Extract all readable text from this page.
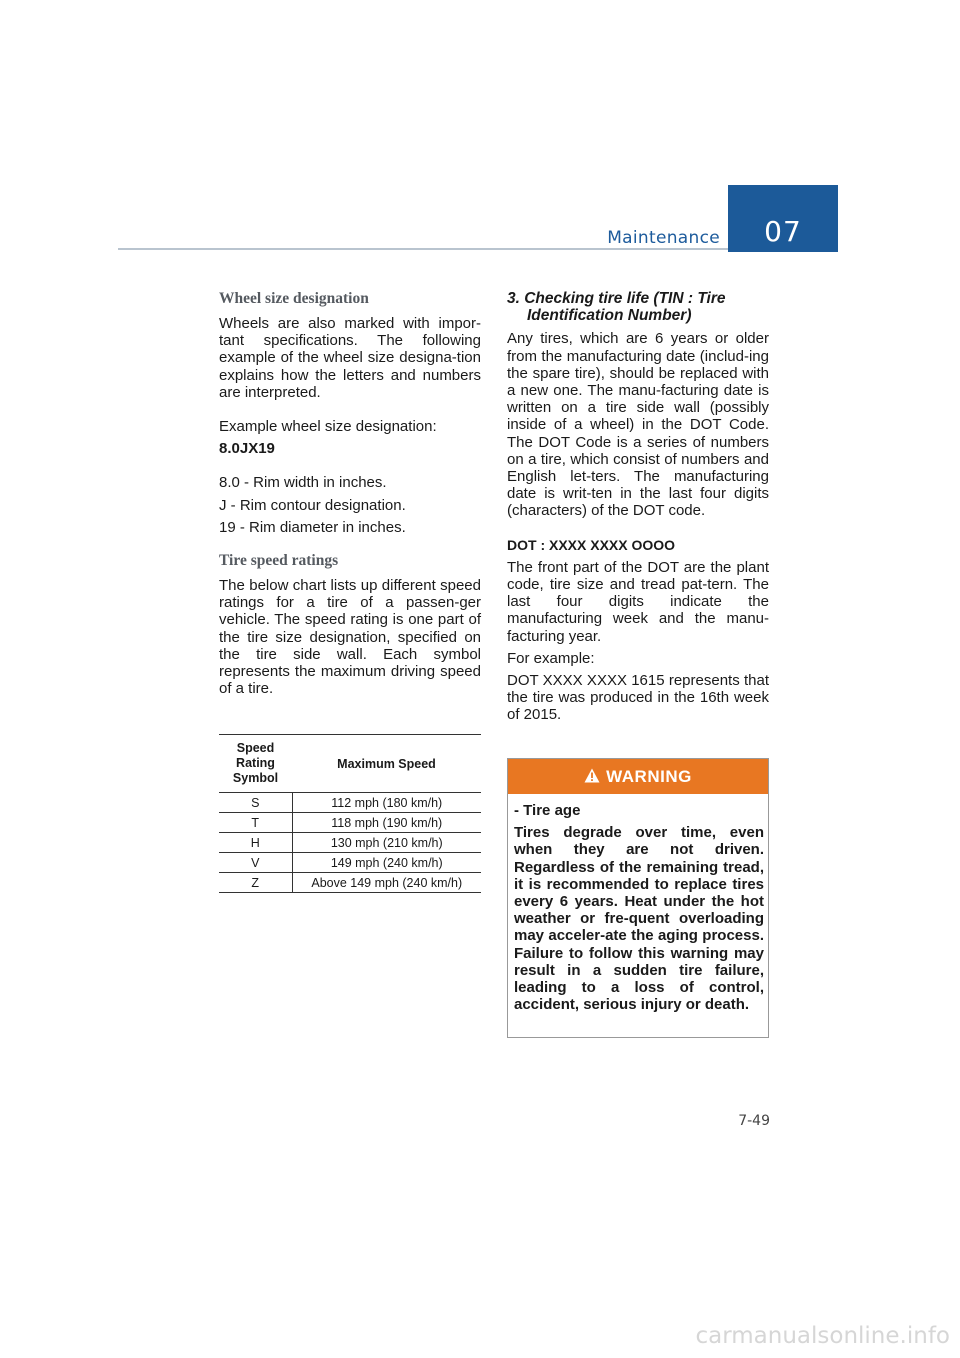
Maintenance	07

Wheel size designation

Wheels are also marked with impor-tant specifications. The following example of the wheel size designa-tion explains how the letters and numbers are interpreted.

Example wheel size designation:

8.0JX19

8.0 - Rim width in inches.

J - Rim contour designation.

19 - Rim diameter in inches.

Tire speed ratings

The below chart lists up different speed ratings for a tire of a passen-ger vehicle. The speed rating is one part of the tire size designation, specified on the tire side wall. Each symbol represents the maximum driving speed of a tire.

Speed Rating Symbol	Maximum Speed
S	112 mph (180 km/h)
T	118 mph (190 km/h)
H	130 mph (210 km/h)
V	149 mph (240 km/h)
Z	Above 149 mph (240 km/h)

3. Checking tire life (TIN : Tire

Identification Number)

Any tires, which are 6 years or older from the manufacturing date (includ-ing the spare tire), should be replaced with a new one. The manu-facturing date is written on a tire side wall (possibly inside of a wheel) in the DOT Code. The DOT Code is a series of numbers on a tire, which consist of numbers and English let-ters. The manufacturing date is writ-ten in the last four digits (characters) of the DOT code.

DOT : XXXX XXXX OOOO

The front part of the DOT are the plant code, tire size and tread pat-tern. The last four digits indicate the manufacturing week and the manu-facturing year.

For example:

DOT XXXX XXXX 1615 represents that the tire was produced in the 16th week of 2015.

WARNING

- Tire age

Tires degrade over time, even when they are not driven. Regardless of the remaining tread, it is recommended to replace tires every 6 years. Heat under the hot weather or fre-quent overloading may acceler-ate the aging process. Failure to follow this warning may result in a sudden tire failure, leading to a loss of control, accident, serious injury or death.

7-49
carmanualsonline.info
